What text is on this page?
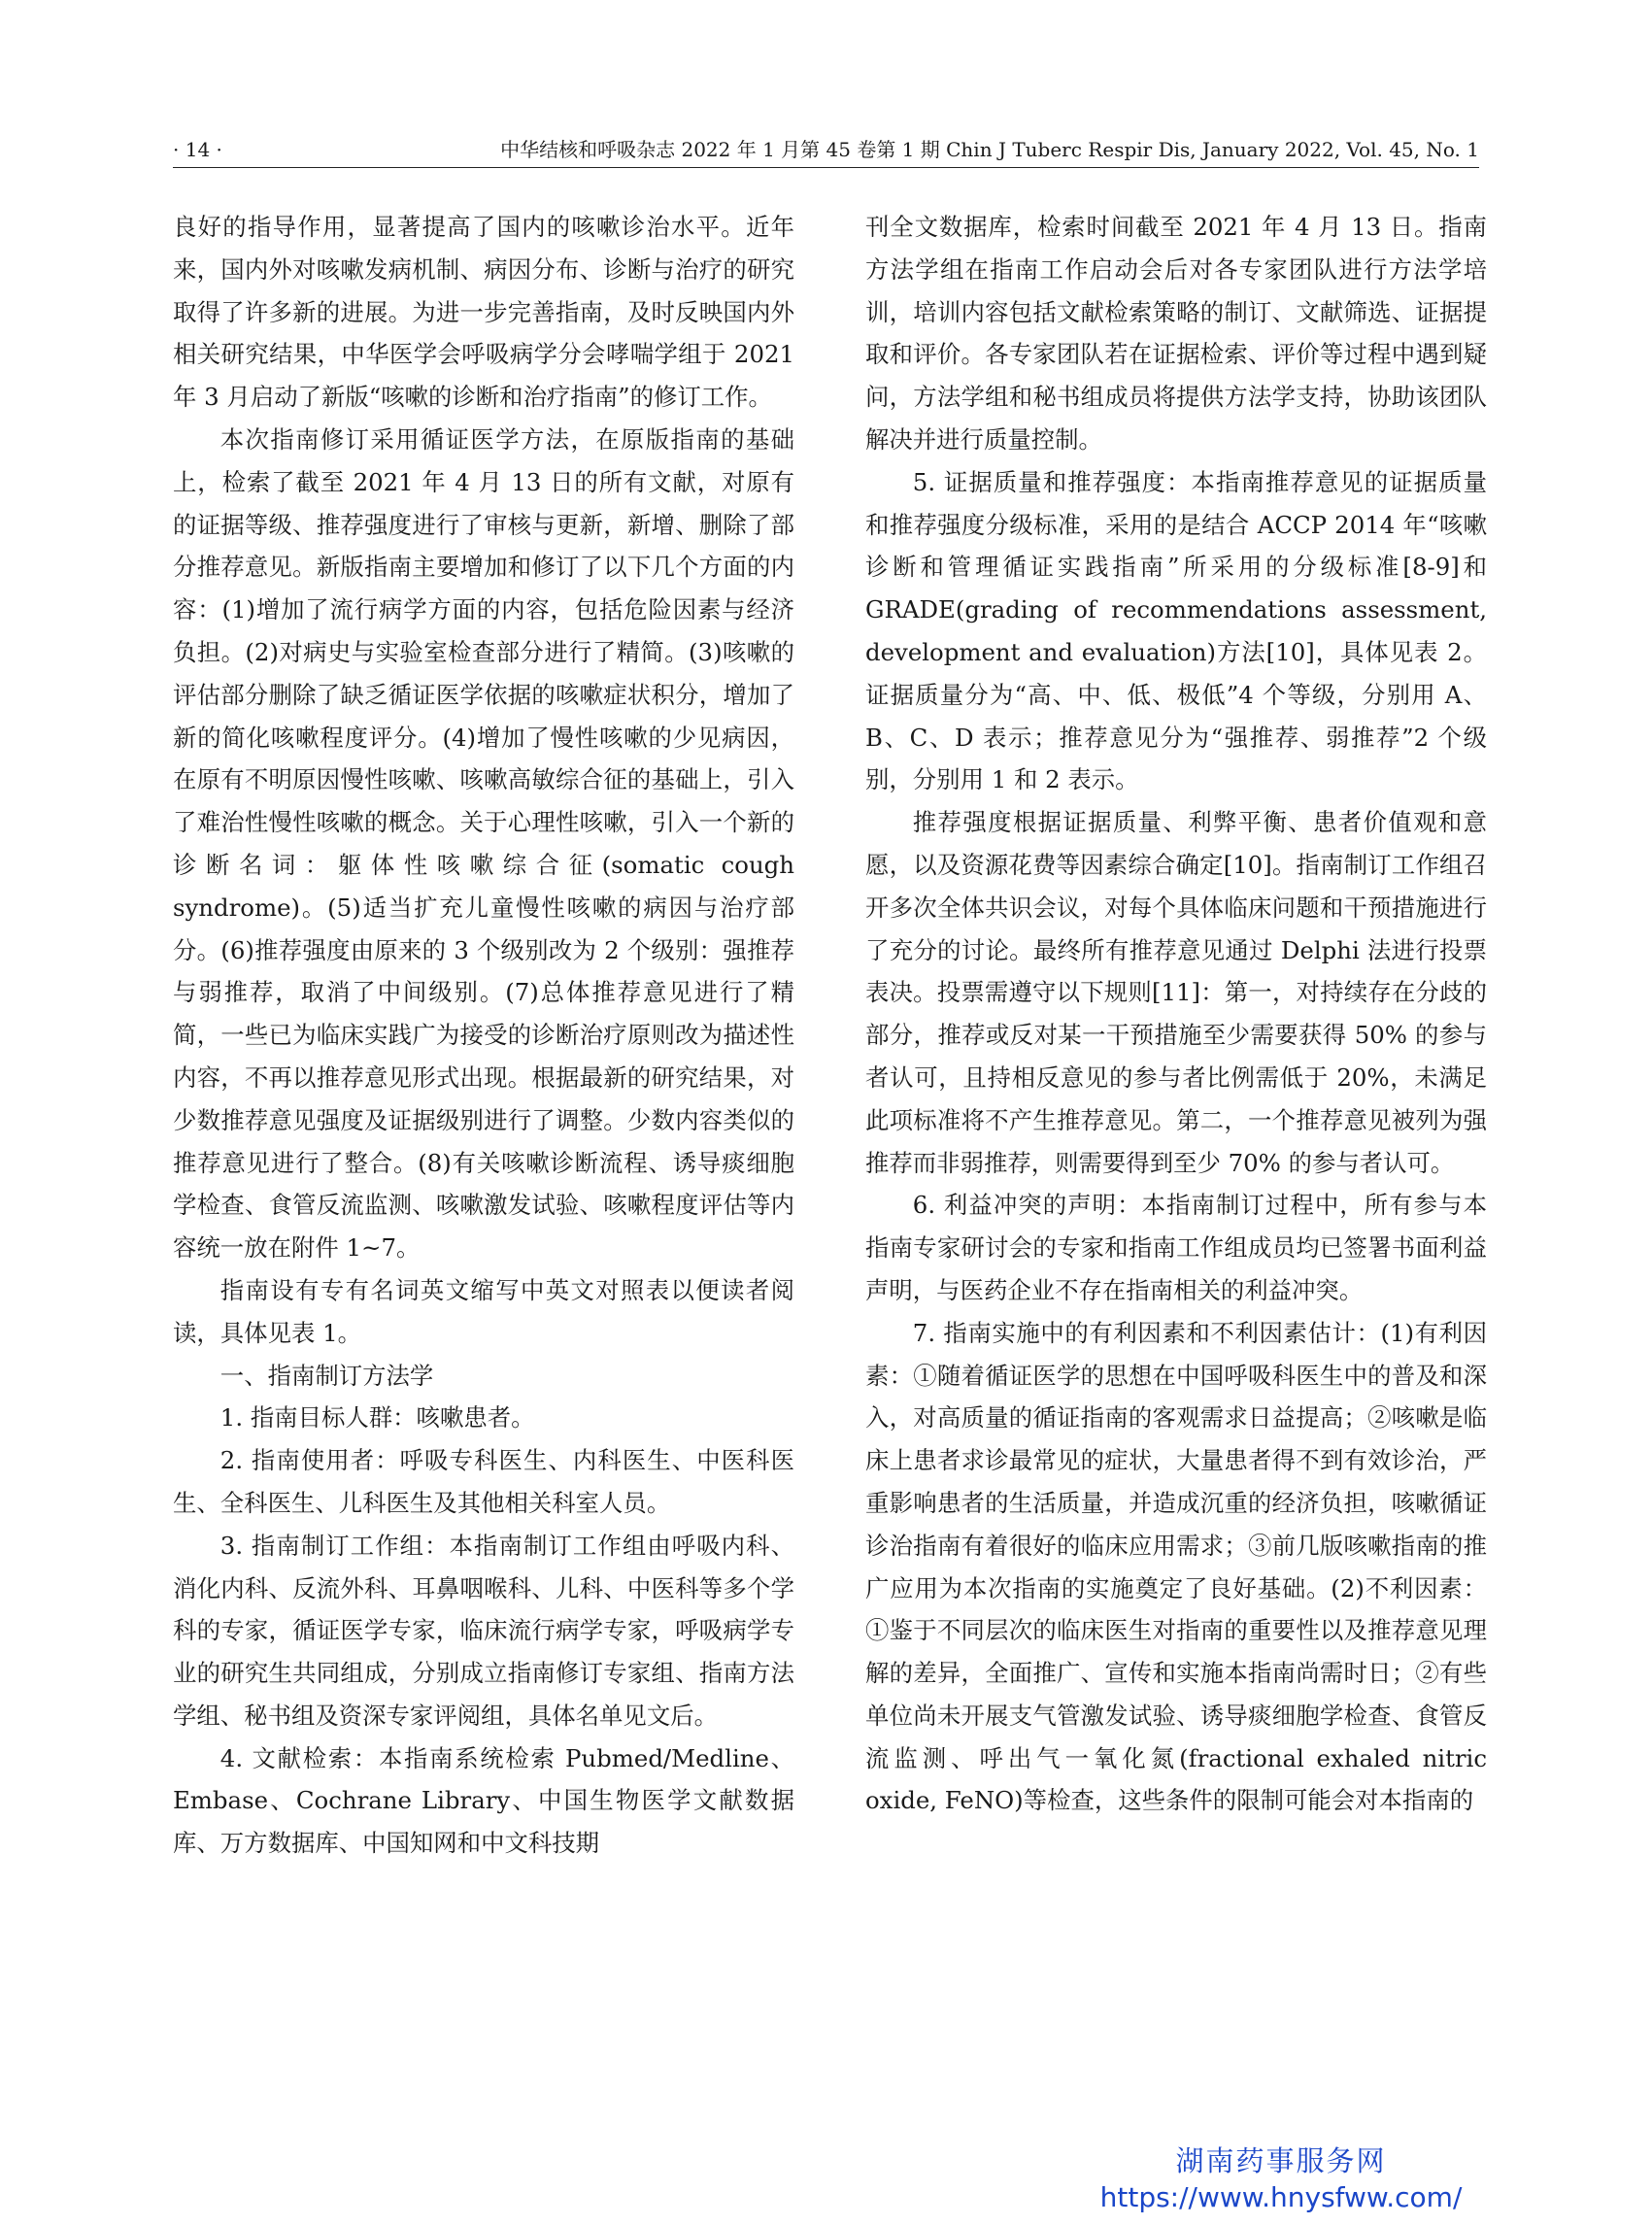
· 14 ·	中华结核和呼吸杂志 2022 年 1 月第 45 卷第 1 期 Chin J Tuberc Respir Dis, January 2022, Vol. 45, No. 1

良好的指导作用，显著提高了国内的咳嗽诊治水平。近年来，国内外对咳嗽发病机制、病因分布、诊断与治疗的研究取得了许多新的进展。为进一步完善指南，及时反映国内外相关研究结果，中华医学会呼吸病学分会哮喘学组于 2021 年 3 月启动了新版“咳嗽的诊断和治疗指南”的修订工作。

本次指南修订采用循证医学方法，在原版指南的基础上，检索了截至 2021 年 4 月 13 日的所有文献，对原有的证据等级、推荐强度进行了审核与更新，新增、删除了部分推荐意见。新版指南主要增加和修订了以下几个方面的内容：(1)增加了流行病学方面的内容，包括危险因素与经济负担。(2)对病史与实验室检查部分进行了精简。(3)咳嗽的评估部分删除了缺乏循证医学依据的咳嗽症状积分，增加了新的简化咳嗽程度评分。(4)增加了慢性咳嗽的少见病因，在原有不明原因慢性咳嗽、咳嗽高敏综合征的基础上，引入了难治性慢性咳嗽的概念。关于心理性咳嗽，引入一个新的诊断名词：躯体性咳嗽综合征(somatic cough syndrome)。(5)适当扩充儿童慢性咳嗽的病因与治疗部分。(6)推荐强度由原来的 3 个级别改为 2 个级别：强推荐与弱推荐，取消了中间级别。(7)总体推荐意见进行了精简，一些已为临床实践广为接受的诊断治疗原则改为描述性内容，不再以推荐意见形式出现。根据最新的研究结果，对少数推荐意见强度及证据级别进行了调整。少数内容类似的推荐意见进行了整合。(8)有关咳嗽诊断流程、诱导痰细胞学检查、食管反流监测、咳嗽激发试验、咳嗽程度评估等内容统一放在附件 1~7。

指南设有专有名词英文缩写中英文对照表以便读者阅读，具体见表 1。

一、指南制订方法学

1. 指南目标人群：咳嗽患者。

2. 指南使用者：呼吸专科医生、内科医生、中医科医生、全科医生、儿科医生及其他相关科室人员。

3. 指南制订工作组：本指南制订工作组由呼吸内科、消化内科、反流外科、耳鼻咽喉科、儿科、中医科等多个学科的专家，循证医学专家，临床流行病学专家，呼吸病学专业的研究生共同组成，分别成立指南修订专家组、指南方法学组、秘书组及资深专家评阅组，具体名单见文后。

4. 文献检索：本指南系统检索 Pubmed/Medline、Embase、Cochrane Library、中国生物医学文献数据库、万方数据库、中国知网和中文科技期

刊全文数据库，检索时间截至 2021 年 4 月 13 日。指南方法学组在指南工作启动会后对各专家团队进行方法学培训，培训内容包括文献检索策略的制订、文献筛选、证据提取和评价。各专家团队若在证据检索、评价等过程中遇到疑问，方法学组和秘书组成员将提供方法学支持，协助该团队解决并进行质量控制。

5. 证据质量和推荐强度：本指南推荐意见的证据质量和推荐强度分级标准，采用的是结合 ACCP 2014 年“咳嗽诊断和管理循证实践指南”所采用的分级标准[8-9]和 GRADE(grading of recommendations assessment, development and evaluation)方法[10]，具体见表 2。证据质量分为“高、中、低、极低”4 个等级，分别用 A、B、C、D 表示；推荐意见分为“强推荐、弱推荐”2 个级别，分别用 1 和 2 表示。

推荐强度根据证据质量、利弊平衡、患者价值观和意愿，以及资源花费等因素综合确定[10]。指南制订工作组召开多次全体共识会议，对每个具体临床问题和干预措施进行了充分的讨论。最终所有推荐意见通过 Delphi 法进行投票表决。投票需遵守以下规则[11]：第一，对持续存在分歧的部分，推荐或反对某一干预措施至少需要获得 50% 的参与者认可，且持相反意见的参与者比例需低于 20%，未满足此项标准将不产生推荐意见。第二，一个推荐意见被列为强推荐而非弱推荐，则需要得到至少 70% 的参与者认可。

6. 利益冲突的声明：本指南制订过程中，所有参与本指南专家研讨会的专家和指南工作组成员均已签署书面利益声明，与医药企业不存在指南相关的利益冲突。

7. 指南实施中的有利因素和不利因素估计：(1)有利因素：①随着循证医学的思想在中国呼吸科医生中的普及和深入，对高质量的循证指南的客观需求日益提高；②咳嗽是临床上患者求诊最常见的症状，大量患者得不到有效诊治，严重影响患者的生活质量，并造成沉重的经济负担，咳嗽循证诊治指南有着很好的临床应用需求；③前几版咳嗽指南的推广应用为本次指南的实施奠定了良好基础。(2)不利因素：①鉴于不同层次的临床医生对指南的重要性以及推荐意见理解的差异，全面推广、宣传和实施本指南尚需时日；②有些单位尚未开展支气管激发试验、诱导痰细胞学检查、食管反流监测、呼出气一氧化氮(fractional exhaled nitric oxide, FeNO)等检查，这些条件的限制可能会对本指南的

湖南药事服务网
https://www.hnysfww.com/
